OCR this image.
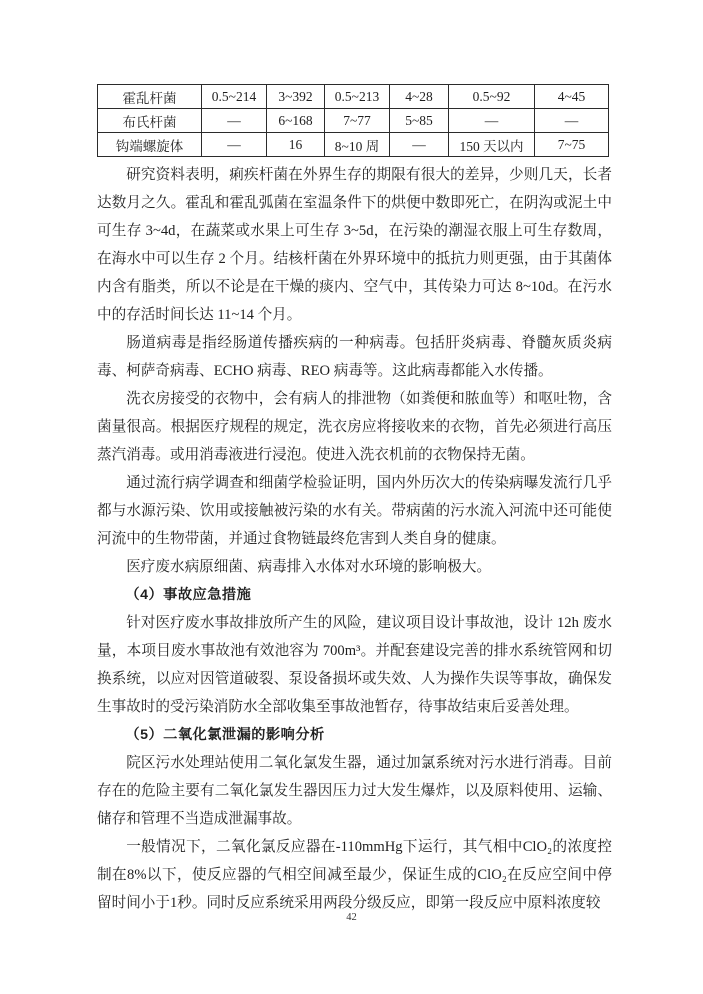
霍乱杆菌	0.5~214	3~392	0.5~213	4~28	0.5~92	4~45
布氏杆菌	—	6~168	7~77	5~85	—	—
钩端螺旋体	—	16	8~10 周	—	150 天以内	7~75

研究资料表明，痢疾杆菌在外界生存的期限有很大的差异，少则几天，长者达数月之久。霍乱和霍乱弧菌在室温条件下的烘便中数即死亡，在阴沟或泥土中可生存 3~4d，在蔬菜或水果上可生存 3~5d，在污染的潮湿衣服上可生存数周，在海水中可以生存 2 个月。结核杆菌在外界环境中的抵抗力则更强，由于其菌体内含有脂类，所以不论是在干燥的痰内、空气中，其传染力可达 8~10d。在污水中的存活时间长达 11~14 个月。

肠道病毒是指经肠道传播疾病的一种病毒。包括肝炎病毒、脊髓灰质炎病毒、柯萨奇病毒、ECHO 病毒、REO 病毒等。这此病毒都能入水传播。

洗衣房接受的衣物中，会有病人的排泄物（如粪便和脓血等）和呕吐物，含菌量很高。根据医疗规程的规定，洗衣房应将接收来的衣物，首先必须进行高压蒸汽消毒。或用消毒液进行浸泡。使进入洗衣机前的衣物保持无菌。

通过流行病学调查和细菌学检验证明，国内外历次大的传染病曝发流行几乎都与水源污染、饮用或接触被污染的水有关。带病菌的污水流入河流中还可能使河流中的生物带菌，并通过食物链最终危害到人类自身的健康。

医疗废水病原细菌、病毒排入水体对水环境的影响极大。

（4）事故应急措施

针对医疗废水事故排放所产生的风险，建议项目设计事故池，设计 12h 废水量，本项目废水事故池有效池容为 700m³。并配套建设完善的排水系统管网和切换系统，以应对因管道破裂、泵设备损坏或失效、人为操作失误等事故，确保发生事故时的受污染消防水全部收集至事故池暂存，待事故结束后妥善处理。

（5）二氧化氯泄漏的影响分析

院区污水处理站使用二氧化氯发生器，通过加氯系统对污水进行消毒。目前存在的危险主要有二氧化氯发生器因压力过大发生爆炸，以及原料使用、运输、储存和管理不当造成泄漏事故。

一般情况下，二氧化氯反应器在-110mmHg下运行，其气相中ClO₂的浓度控制在8%以下，使反应器的气相空间减至最少，保证生成的ClO₂在反应空间中停留时间小于1秒。同时反应系统采用两段分级反应，即第一段反应中原料浓度较

42
